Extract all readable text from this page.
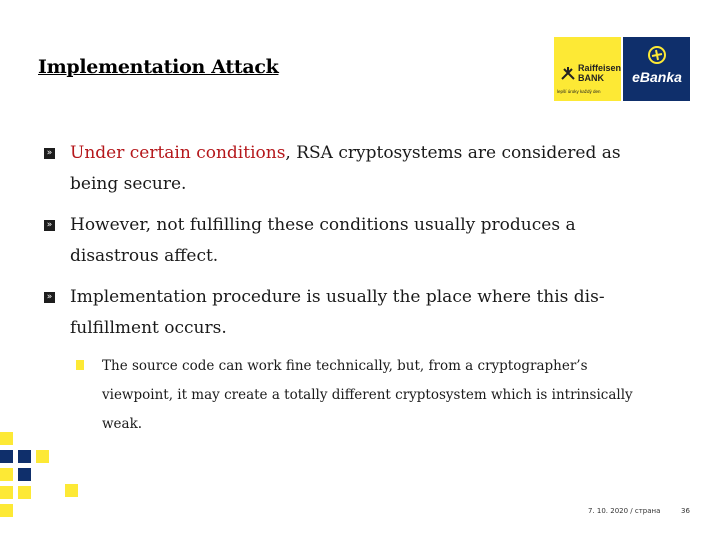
Implementation Attack	Raiffeisen
BANK
lepší úroky každý den
eBanka
» Under certain conditions, RSA cryptosystems are considered as being secure.
» However, not fulfilling these conditions usually produces a disastrous affect.
» Implementation procedure is usually the place where this dis-fulfillment occurs.
The source code can work fine technically, but, from a cryptographer’s viewpoint, it may create a totally different cryptosystem which is intrinsically weak.
7. 10. 2020 / страна	36
